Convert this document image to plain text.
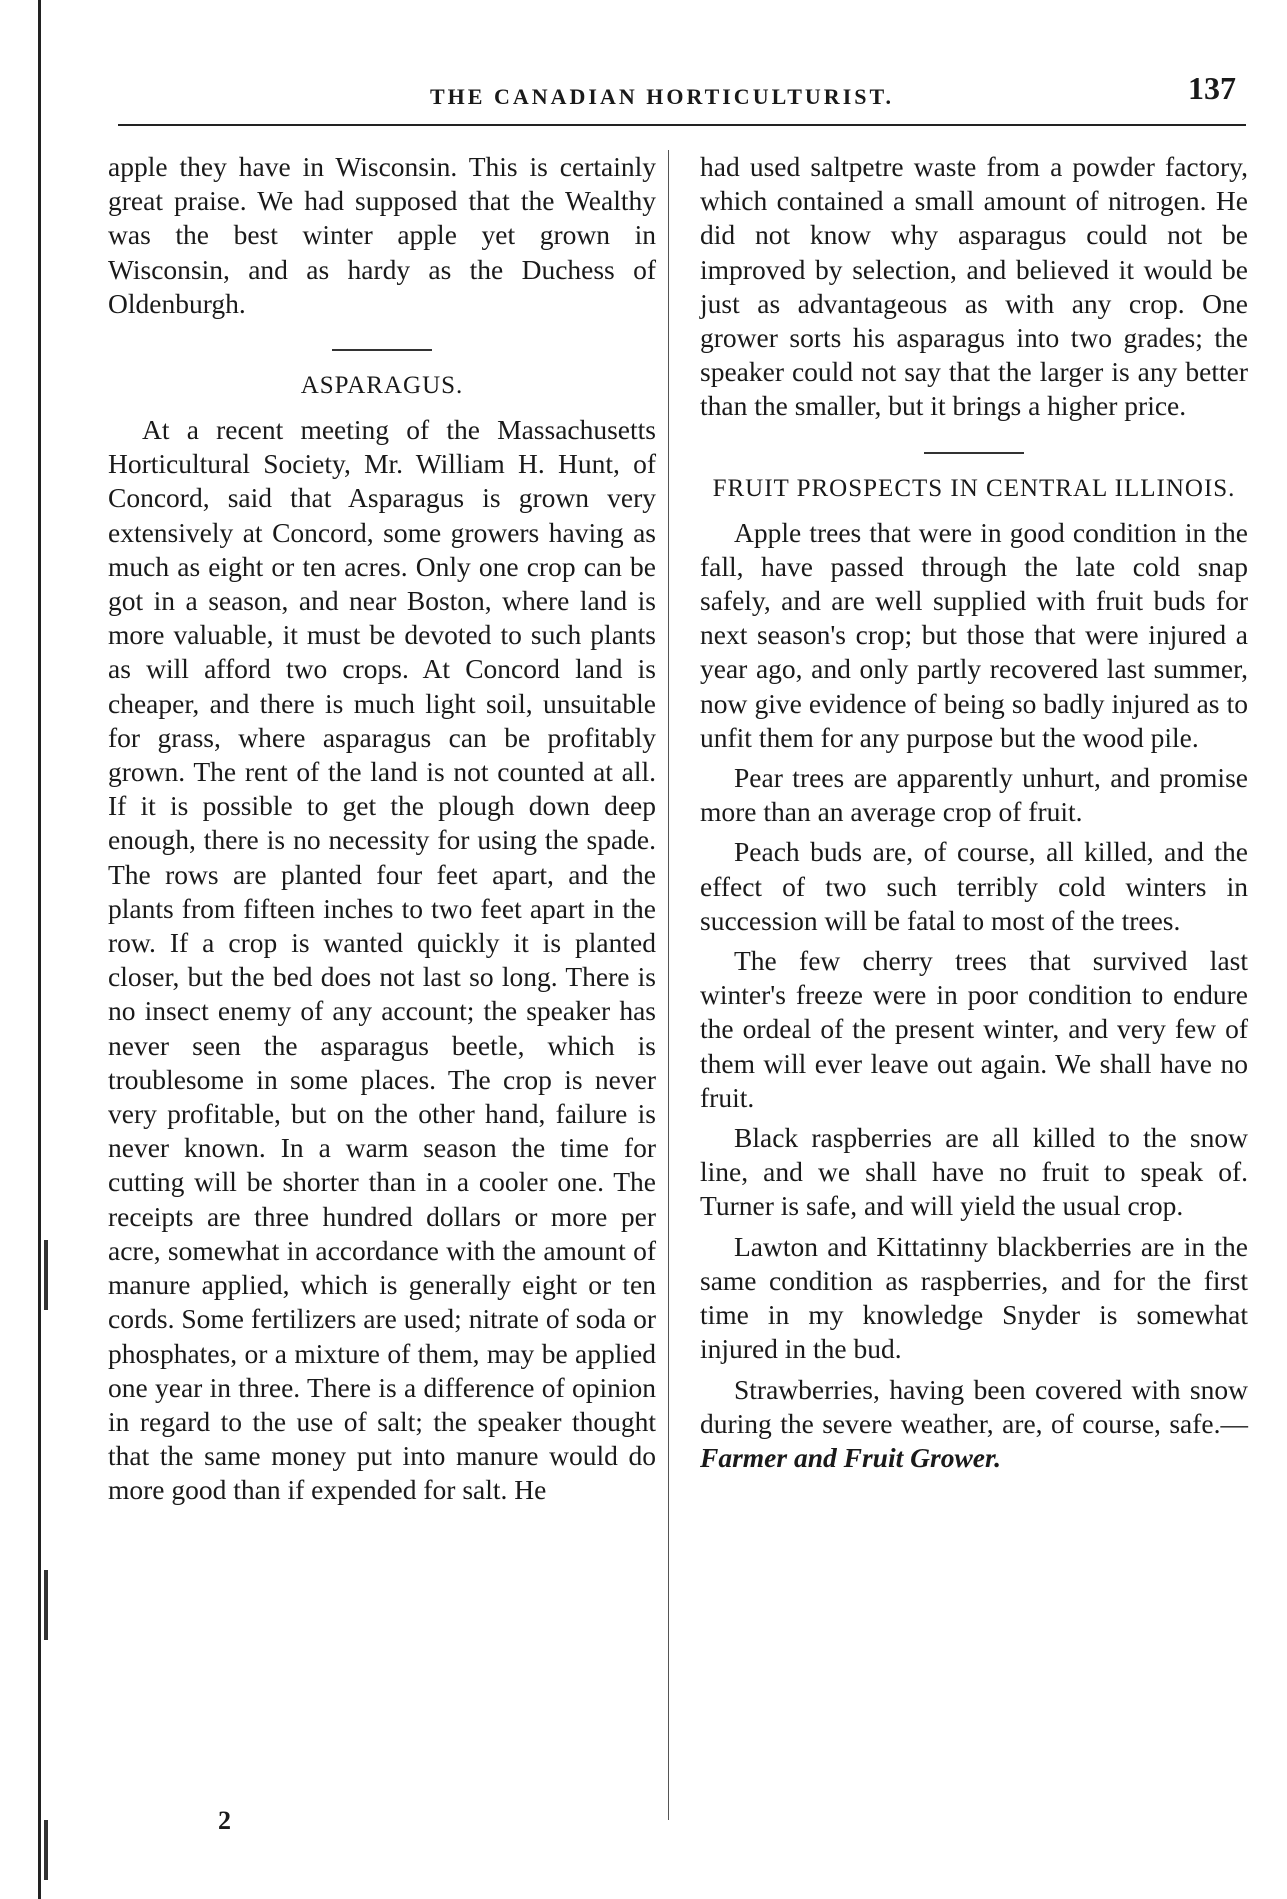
THE CANADIAN HORTICULTURIST.	137

apple they have in Wisconsin. This is certainly great praise. We had supposed that the Wealthy was the best winter apple yet grown in Wisconsin, and as hardy as the Duchess of Oldenburgh.

ASPARAGUS.

At a recent meeting of the Massachusetts Horticultural Society, Mr. William H. Hunt, of Concord, said that Asparagus is grown very extensively at Concord, some growers having as much as eight or ten acres. Only one crop can be got in a season, and near Boston, where land is more valuable, it must be devoted to such plants as will afford two crops. At Concord land is cheaper, and there is much light soil, unsuitable for grass, where asparagus can be profitably grown. The rent of the land is not counted at all. If it is possible to get the plough down deep enough, there is no necessity for using the spade. The rows are planted four feet apart, and the plants from fifteen inches to two feet apart in the row. If a crop is wanted quickly it is planted closer, but the bed does not last so long. There is no insect enemy of any account; the speaker has never seen the asparagus beetle, which is troublesome in some places. The crop is never very profitable, but on the other hand, failure is never known. In a warm season the time for cutting will be shorter than in a cooler one. The receipts are three hundred dollars or more per acre, somewhat in accordance with the amount of manure applied, which is generally eight or ten cords. Some fertilizers are used; nitrate of soda or phosphates, or a mixture of them, may be applied one year in three. There is a difference of opinion in regard to the use of salt; the speaker thought that the same money put into manure would do more good than if expended for salt. He

2

had used saltpetre waste from a powder factory, which contained a small amount of nitrogen. He did not know why asparagus could not be improved by selection, and believed it would be just as advantageous as with any crop. One grower sorts his asparagus into two grades; the speaker could not say that the larger is any better than the smaller, but it brings a higher price.

FRUIT PROSPECTS IN CENTRAL ILLINOIS.

Apple trees that were in good condition in the fall, have passed through the late cold snap safely, and are well supplied with fruit buds for next season's crop; but those that were injured a year ago, and only partly recovered last summer, now give evidence of being so badly injured as to unfit them for any purpose but the wood pile.

Pear trees are apparently unhurt, and promise more than an average crop of fruit.

Peach buds are, of course, all killed, and the effect of two such terribly cold winters in succession will be fatal to most of the trees.

The few cherry trees that survived last winter's freeze were in poor condition to endure the ordeal of the present winter, and very few of them will ever leave out again. We shall have no fruit.

Black raspberries are all killed to the snow line, and we shall have no fruit to speak of. Turner is safe, and will yield the usual crop.

Lawton and Kittatinny blackberries are in the same condition as raspberries, and for the first time in my knowledge Snyder is somewhat injured in the bud.

Strawberries, having been covered with snow during the severe weather, are, of course, safe.—Farmer and Fruit Grower.
